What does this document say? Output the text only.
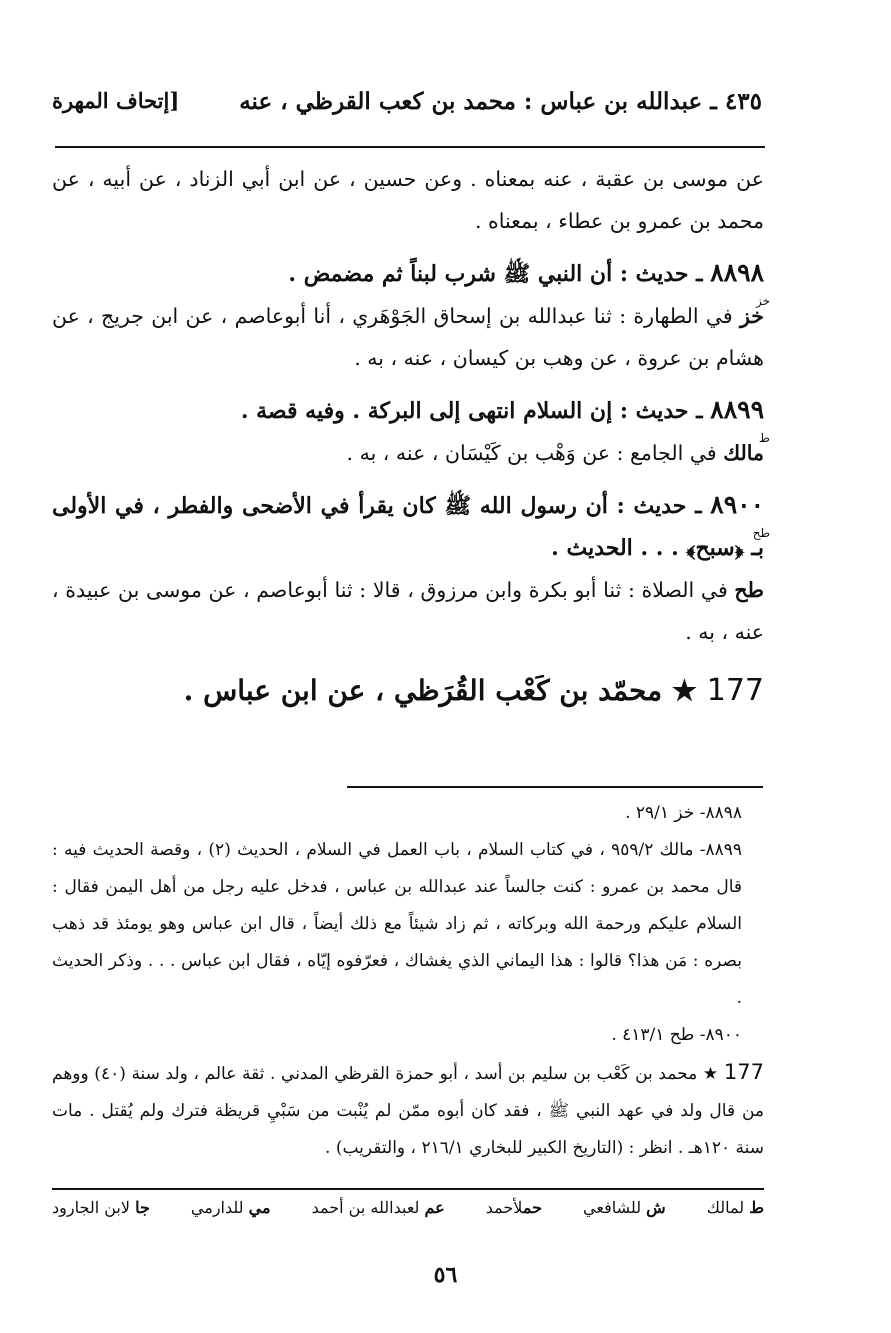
٤٣٥ ـ عبدالله بن عباس : محمد بن كعب القرظي ، عنه
[إتحاف المهرة

عن موسى بن عقبة ، عنه بمعناه . وعن حسين ، عن ابن أبي الزناد ، عن أبيه ، عن محمد بن عمرو بن عطاء ، بمعناه .

٨٨٩٨
خز
ـ حديث : أن النبي ﷺ شرب لبناً ثم مضمض .

خز في الطهارة : ثنا عبدالله بن إسحاق الجَوْهَري ، أنا أبوعاصم ، عن ابن جريج ، عن هشام بن عروة ، عن وهب بن كيسان ، عنه ، به .

٨٨٩٩
ط
ـ حديث : إن السلام انتهى إلى البركة . وفيه قصة .

مالك في الجامع : عن وَهْب بن كَيْسَان ، عنه ، به .

٨٩٠٠
طح
ـ حديث : أن رسول الله ﷺ كان يقرأ في الأضحى والفطر ، في الأولى بـ ﴿سبح﴾ . . . الحديث .

طح في الصلاة : ثنا أبو بكرة وابن مرزوق ، قالا : ثنا أبوعاصم ، عن موسى بن عبيدة ، عنه ، به .

177 ★ محمّد بن كَعْب القُرَظي ، عن ابن عباس .

٨٨٩٨- خز ٢٩/١ .

٨٨٩٩- مالك ٩٥٩/٢ ، في كتاب السلام ، باب العمل في السلام ، الحديث (٢) ، وقصة الحديث فيه : قال محمد بن عمرو : كنت جالساً عند عبدالله بن عباس ، فدخل عليه رجل من أهل اليمن فقال : السلام عليكم ورحمة الله وبركاته ، ثم زاد شيئاً مع ذلك أيضاً ، قال ابن عباس وهو يومئذ قد ذهب بصره : مَن هذا؟ قالوا : هذا اليماني الذي يغشاك ، فعرّفوه إيّاه ، فقال ابن عباس . . . وذكر الحديث .

٨٩٠٠- طح ٤١٣/١ .

177 ★ محمد بن كَعْب بن سليم بن أسد ، أبو حمزة القرظي المدني . ثقة عالم ، ولد سنة (٤٠) ووهم من قال ولد في عهد النبي ﷺ ، فقد كان أبوه ممّن لم يُنْبت من سَبْيِ قريظة فترك ولم يُقتل . مات سنة ١٢٠هـ . انظر : (التاريخ الكبير للبخاري ٢١٦/١ ، والتقريب) .

ط لمالك
ش للشافعي
حملأحمد
عم لعبدالله بن أحمد
مي للدارمي
جا لابن الجارود
٥٦
